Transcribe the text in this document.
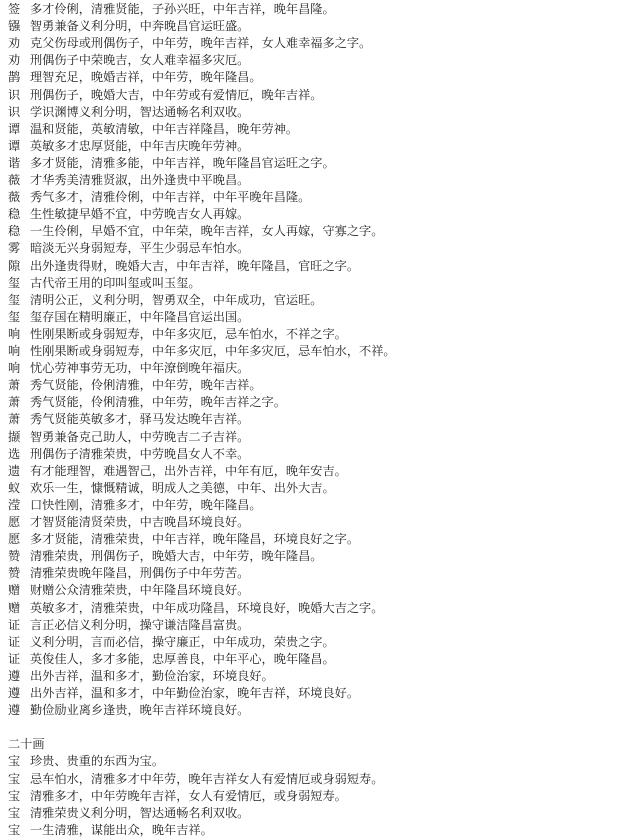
签 多才伶俐，清雅贤能，子孙兴旺，中年吉祥，晚年昌隆。
镪 智勇兼备义利分明，中奔晚昌官运旺盛。
劝 克父伤母或刑偶伤子，中年劳，晚年吉祥，女人难幸福多之字。
劝 刑偶伤子中荣晚吉，女人难幸福多灾厄。
鹊 理智充足，晚婚吉祥，中年劳，晚年隆昌。
识 刑偶伤子，晚婚大吉，中年劳或有爱情厄，晚年吉祥。
识 学识渊博义利分明，智达通畅名利双收。
谭 温和贤能，英敏清敏，中年吉祥隆昌，晚年劳神。
谭 英敏多才忠厚贤能，中年吉庆晚年劳神。
谐 多才贤能，清雅多能，中年吉祥，晚年隆昌官运旺之字。
薇 才华秀美清雅贤淑，出外逢贵中平晚昌。
薇 秀气多才，清雅伶俐，中年吉祥，中年平晚年昌隆。
稳 生性敏捷早婚不宜，中劳晚吉女人再嫁。
稳 一生伶俐，早婚不宜，中年荣，晚年吉祥，女人再嫁，守寡之字。
雾 暗淡无兴身弱短寿，平生少弱忌车怕水。
隙 出外逢贵得财，晚婚大吉，中年吉祥，晚年隆昌，官旺之字。
玺 古代帝王用的印叫玺或叫玉玺。
玺 清明公正，义利分明，智勇双全，中年成功，官运旺。
玺 玺存国在精明廉正，中年隆昌官运出国。
响 性刚果断或身弱短寿，中年多灾厄，忌车怕水，不祥之字。
响 性刚果断或身弱短寿，中年多灾厄，中年多灾厄，忌车怕水，不祥。
响 忧心劳神事劳无功，中年潦倒晚年福庆。
萧 秀气贤能，伶俐清雅，中年劳，晚年吉祥。
萧 秀气贤能，伶俐清雅，中年劳，晚年吉祥之字。
萧 秀气贤能英敏多才，驿马发达晚年吉祥。
撷 智勇兼备克己助人，中劳晚吉二子吉祥。
选 刑偶伤子清雅荣贵，中劳晚昌女人不幸。
遗 有才能理智，难遇智己，出外吉祥，中年有厄，晚年安吉。
蚁 欢乐一生，慷慨精诚，明成人之美德，中年、出外大吉。
滢 口快性刚，清雅多才，中年劳，晚年隆昌。
愿 才智贤能清贤荣贵，中吉晚昌环境良好。
愿 多才贤能，清雅荣贵，中年吉祥，晚年隆昌，环境良好之字。
赞 清雅荣贵，刑偶伤子，晚婚大吉，中年劳，晚年隆昌。
赞 清雅荣贵晚年隆昌，刑偶伤子中年劳苦。
赠 财赠公众清雅荣贵，中年隆昌环境良好。
赠 英敏多才，清雅荣贵，中年成功隆昌，环境良好，晚婚大吉之字。
证 言正必信义利分明，操守谦洁隆昌富贵。
证 义利分明，言而必信，操守廉正，中年成功，荣贵之字。
证 英俊佳人，多才多能，忠厚善良，中年平心，晚年隆昌。
遵 出外吉祥，温和多才，勤俭治家，环境良好。
遵 出外吉祥，温和多才，中年勤俭治家，晚年吉祥，环境良好。
遵 勤俭励业离乡逢贵，晚年吉祥环境良好。
二十画
宝 珍贵、贵重的东西为宝。
宝 忌车怕水，清雅多才中年劳，晚年吉祥女人有爱情厄或身弱短寿。
宝 清雅多才，中年劳晚年吉祥，女人有爱情厄，或身弱短寿。
宝 清雅荣贵义利分明，智达通畅名利双收。
宝 一生清雅，谋能出众，晚年吉祥。
